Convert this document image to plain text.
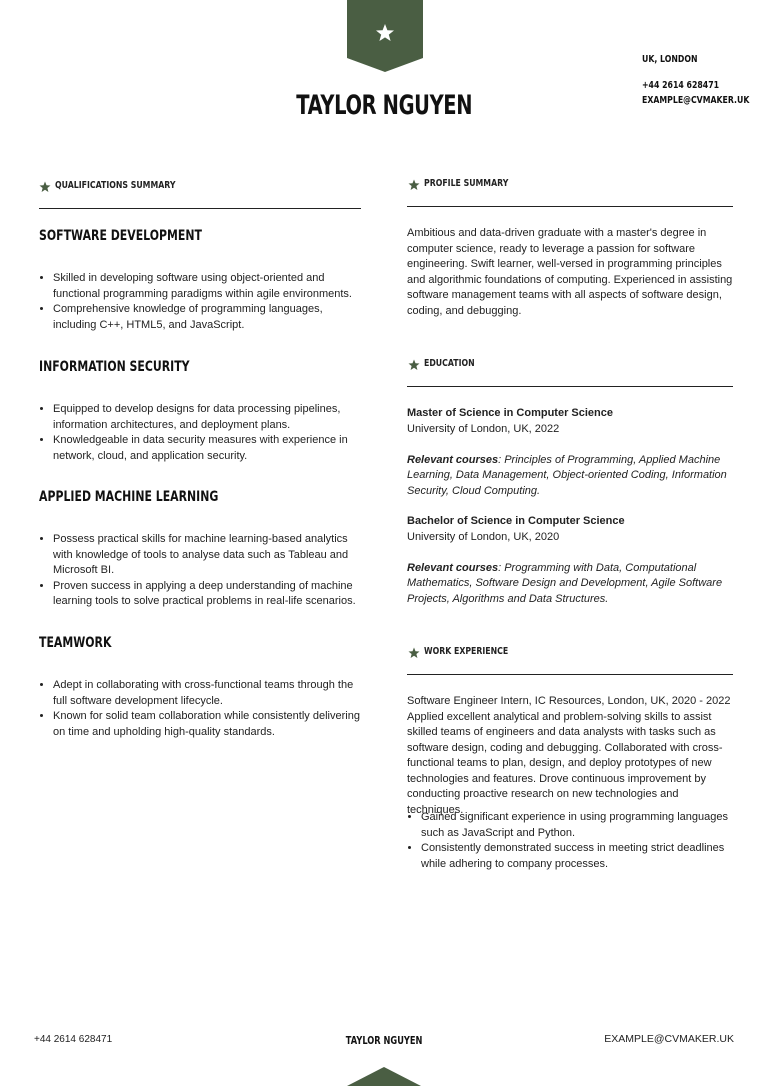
TAYLOR NGUYEN
UK, LONDON
+44 2614 628471
EXAMPLE@CVMAKER.UK
QUALIFICATIONS SUMMARY
SOFTWARE DEVELOPMENT
• Skilled in developing software using object-oriented and functional programming paradigms within agile environments.
• Comprehensive knowledge of programming languages, including C++, HTML5, and JavaScript.
INFORMATION SECURITY
• Equipped to develop designs for data processing pipelines, information architectures, and deployment plans.
• Knowledgeable in data security measures with experience in network, cloud, and application security.
APPLIED MACHINE LEARNING
• Possess practical skills for machine learning-based analytics with knowledge of tools to analyse data such as Tableau and Microsoft BI.
• Proven success in applying a deep understanding of machine learning tools to solve practical problems in real-life scenarios.
TEAMWORK
• Adept in collaborating with cross-functional teams through the full software development lifecycle.
• Known for solid team collaboration while consistently delivering on time and upholding high-quality standards.
PROFILE SUMMARY
Ambitious and data-driven graduate with a master's degree in computer science, ready to leverage a passion for software engineering. Swift learner, well-versed in programming principles and algorithmic foundations of computing. Experienced in assisting software management teams with all aspects of software design, coding, and debugging.
EDUCATION
Master of Science in Computer Science
University of London, UK, 2022
Relevant courses: Principles of Programming, Applied Machine Learning, Data Management, Object-oriented Coding, Information Security, Cloud Computing.
Bachelor of Science in Computer Science
University of London, UK, 2020
Relevant courses: Programming with Data, Computational Mathematics, Software Design and Development, Agile Software Projects, Algorithms and Data Structures.
WORK EXPERIENCE
Software Engineer Intern, IC Resources, London, UK, 2020 - 2022
Applied excellent analytical and problem-solving skills to assist skilled teams of engineers and data analysts with tasks such as software design, coding and debugging. Collaborated with cross-functional teams to plan, design, and deploy prototypes of new technologies and features. Drove continuous improvement by conducting proactive research on new technologies and techniques.
• Gained significant experience in using programming languages such as JavaScript and Python.
• Consistently demonstrated success in meeting strict deadlines while adhering to company processes.
+44 2614 628471	TAYLOR NGUYEN	EXAMPLE@CVMAKER.UK
